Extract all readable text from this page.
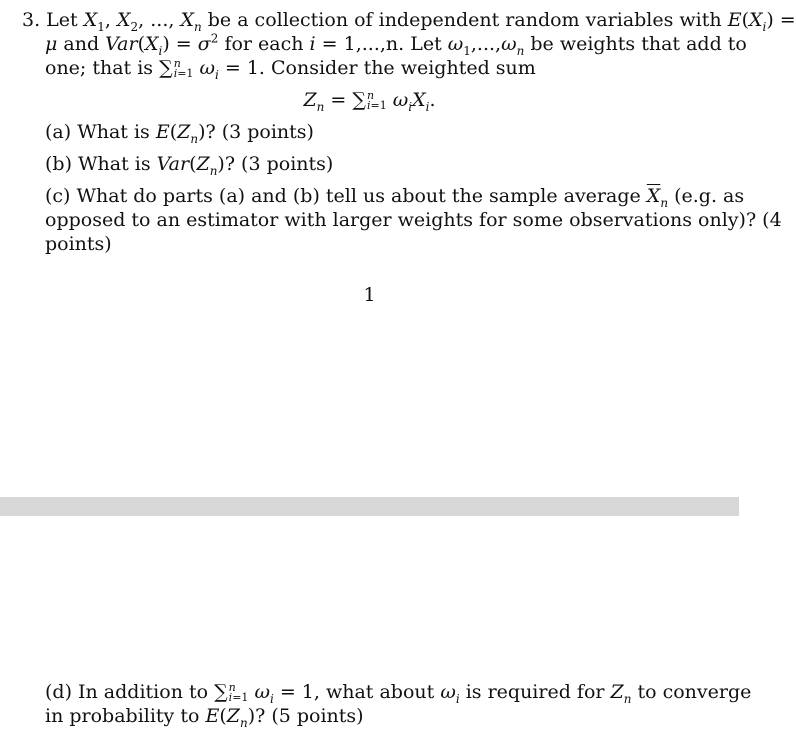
3. Let $X_1$, $X_2$, ..., $X_n$ be a collection of independent random variables with $E(X_i)$ =
μ and $Var(X_i) = \sigma^2$ for each i = 1,...,n. Let $\omega_1,...,\omega_n$ be weights that add to
one; that is ∑ n
i=1 $\omega_i = 1$. Consider the weighted sum
$Z_n$ = ∑ n
i=1 $\omega_iX_i$.
(a) What is $E(Z_n)$? (3 points)
(b) What is $Var(Z_n)$? (3 points)
(c) What do parts (a) and (b) tell us about the sample average $\overline{X}_n$ (e.g. as
opposed to an estimator with larger weights for some observations only)? (4
points)
1
(d) In addition to ∑ n
i=1 $\omega_i = 1$, what about $\omega_i$ is required for $Z_n$ to converge
in probability to $E(Z_n)$? (5 points)
